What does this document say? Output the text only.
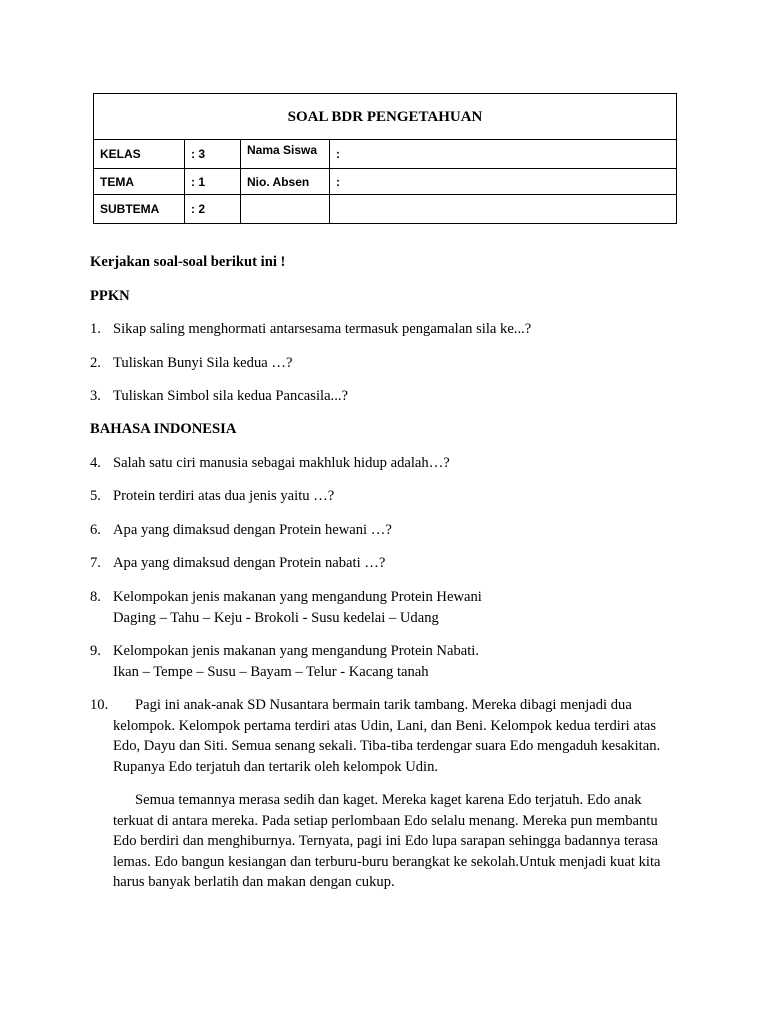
SOAL BDR PENGETAHUAN			
KELAS	: 3	Nama Siswa	:
TEMA	: 1	Nio. Absen	:
SUBTEMA	: 2		

Kerjakan soal-soal berikut ini !

PPKN

1. Sikap saling menghormati antarsesama termasuk pengamalan sila ke...?
2. Tuliskan Bunyi Sila kedua …?
3. Tuliskan Simbol sila kedua Pancasila...?

BAHASA INDONESIA

4. Salah satu ciri manusia sebagai makhluk hidup adalah…?
5. Protein terdiri atas dua jenis yaitu …?
6. Apa yang dimaksud dengan Protein hewani …?
7. Apa yang dimaksud dengan Protein nabati …?
8. Kelompokan jenis makanan yang mengandung Protein Hewani
Daging – Tahu – Keju - Brokoli - Susu kedelai – Udang
9. Kelompokan jenis makanan yang mengandung Protein Nabati.
Ikan – Tempe – Susu – Bayam – Telur - Kacang tanah
10.	Pagi ini anak-anak SD Nusantara bermain tarik tambang. Mereka dibagi menjadi dua kelompok. Kelompok pertama terdiri atas Udin, Lani, dan Beni. Kelompok kedua terdiri atas Edo, Dayu dan Siti. Semua senang sekali. Tiba-tiba terdengar suara Edo mengaduh kesakitan. Rupanya Edo terjatuh dan tertarik oleh kelompok Udin.

Semua temannya merasa sedih dan kaget. Mereka kaget karena Edo terjatuh. Edo anak terkuat di antara mereka. Pada setiap perlombaan Edo selalu menang. Mereka pun membantu Edo berdiri dan menghiburnya. Ternyata, pagi ini Edo lupa sarapan sehingga badannya terasa lemas. Edo bangun kesiangan dan terburu-buru berangkat ke sekolah.Untuk menjadi kuat kita harus banyak berlatih dan makan dengan cukup.
